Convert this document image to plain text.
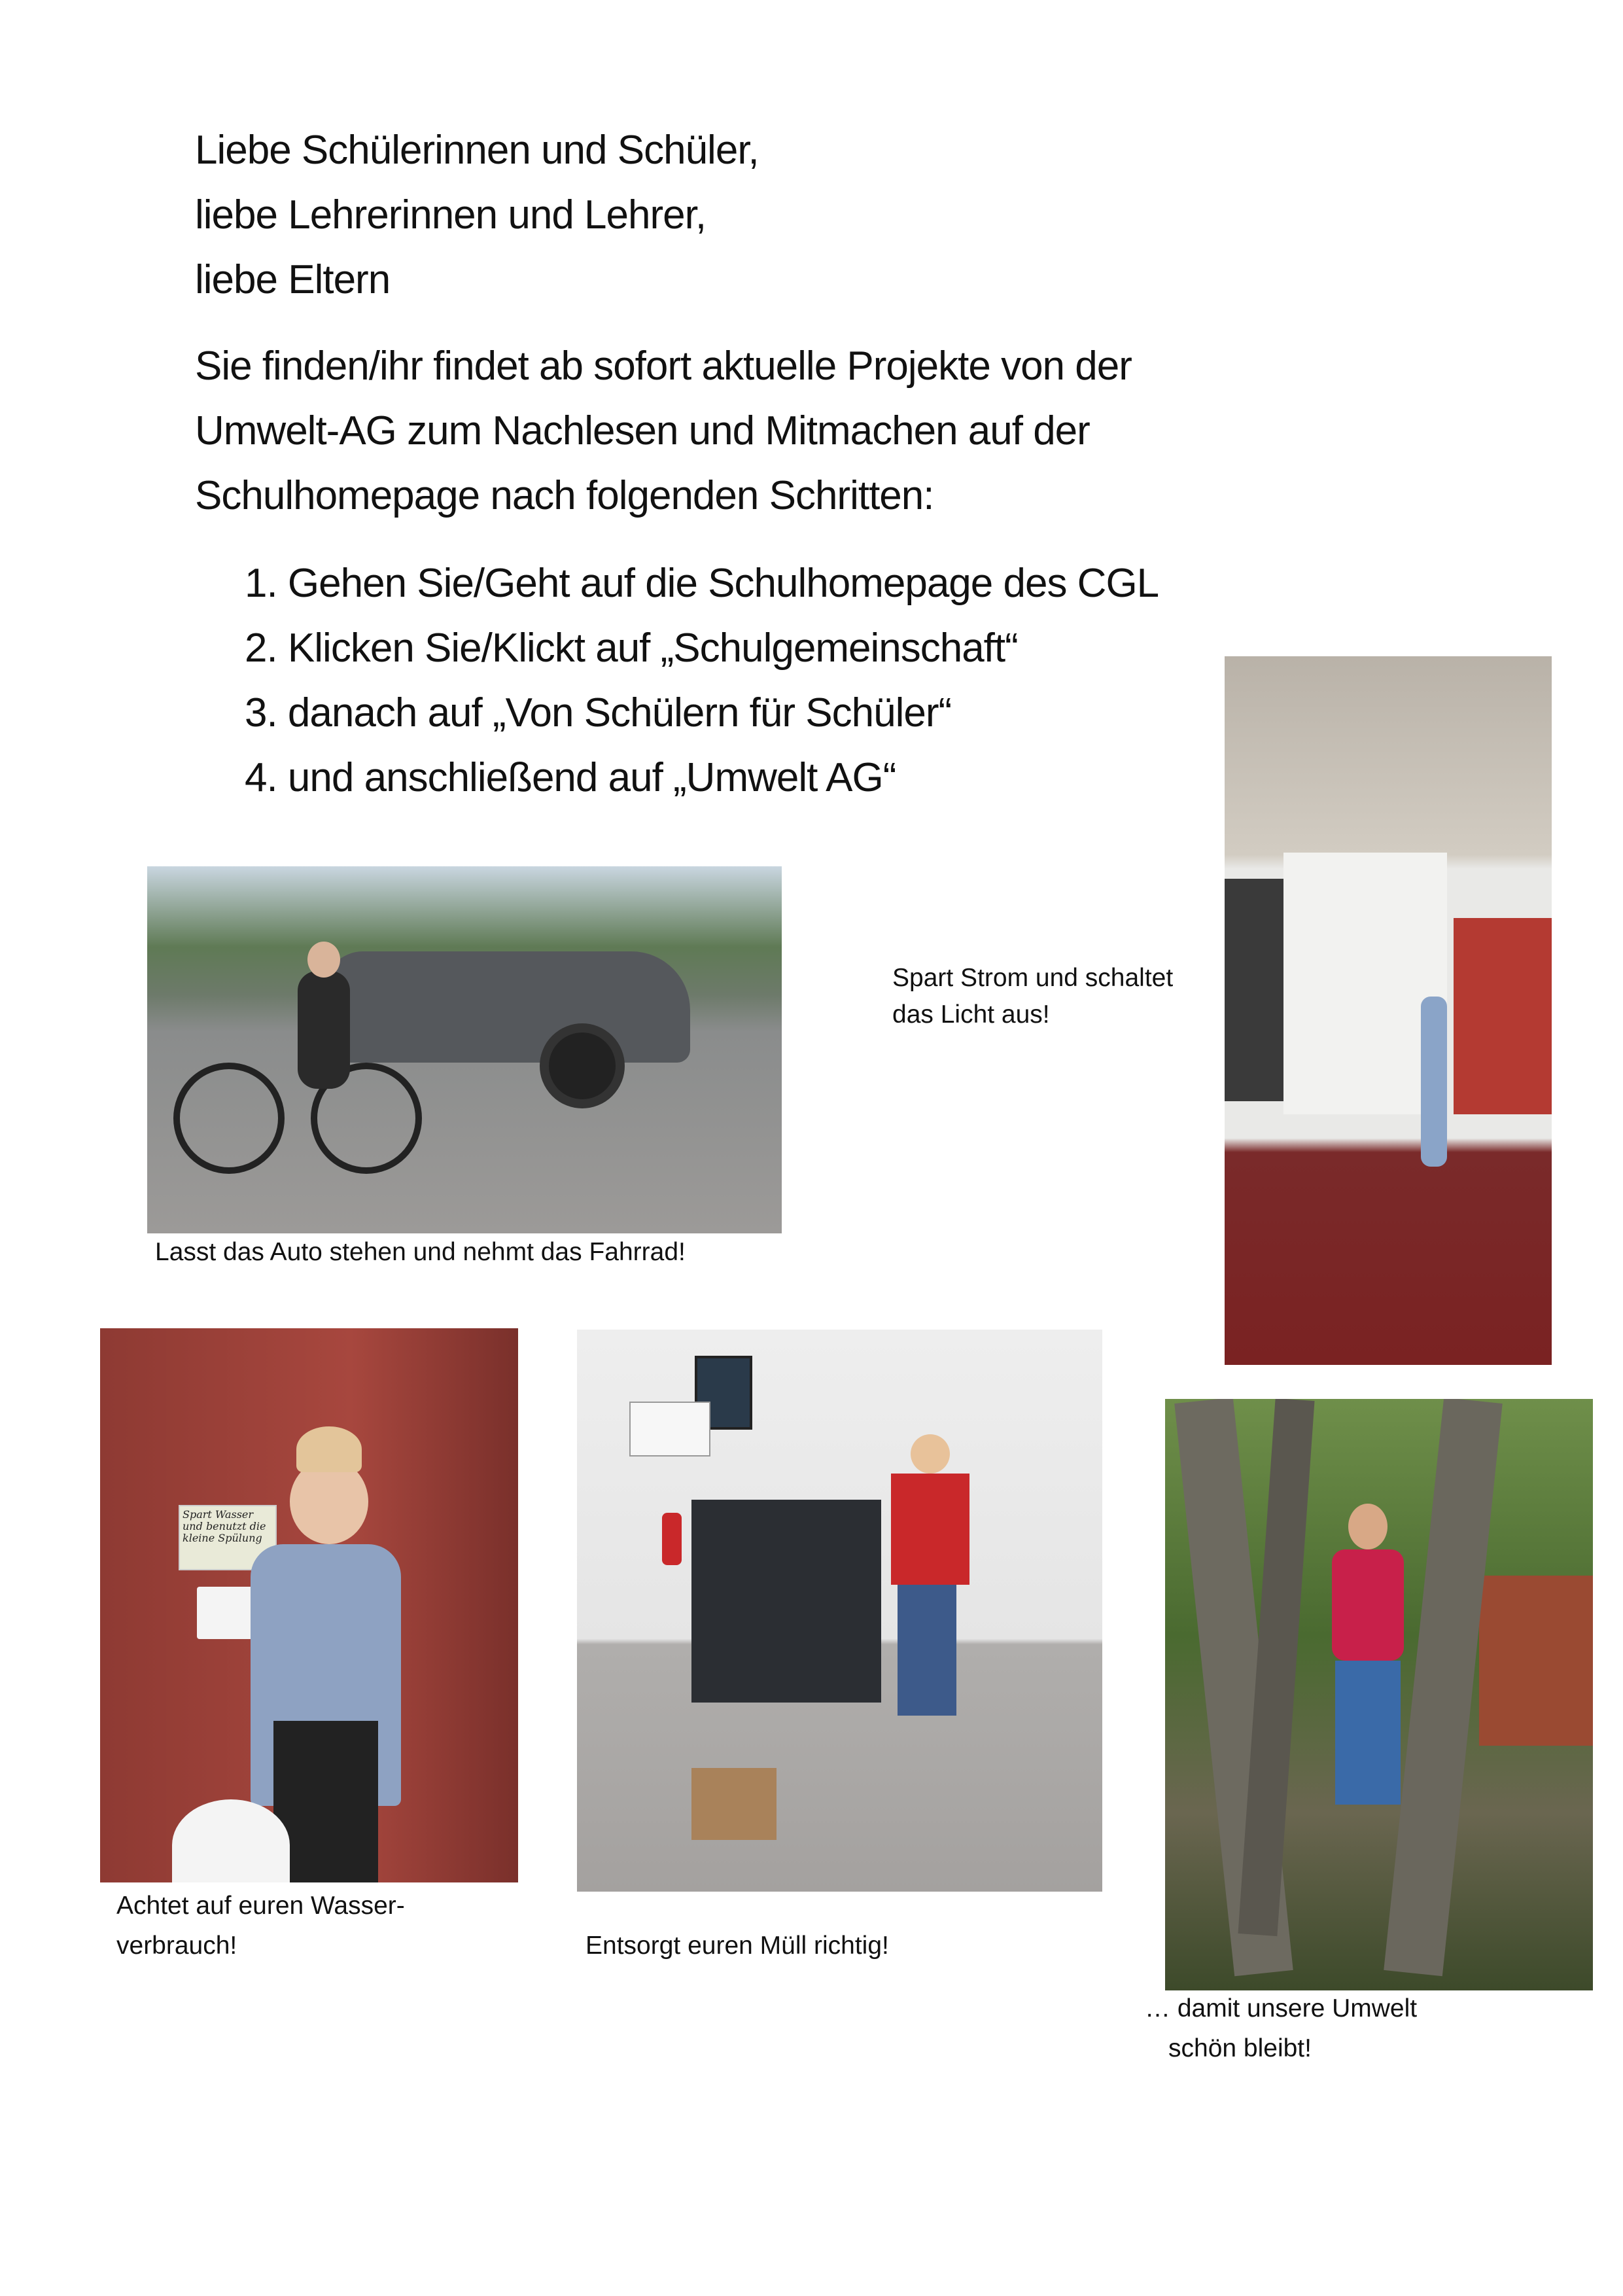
Liebe Schülerinnen und Schüler,
liebe Lehrerinnen und Lehrer,
liebe Eltern
Sie finden/ihr findet ab sofort aktuelle Projekte von der
Umwelt-AG zum Nachlesen und Mitmachen auf der
Schulhomepage nach folgenden Schritten:
1. Gehen Sie/Geht auf die Schulhomepage des CGL
2. Klicken Sie/Klickt auf „Schulgemeinschaft“
3. danach auf „Von Schülern für Schüler“
4. und anschließend auf „Umwelt AG“
Lasst das Auto stehen und nehmt das Fahrrad!
Spart Strom und schaltet
das Licht aus!
Spart Wasser und benutzt die kleine Spülung
Achtet auf euren Wasser-
verbrauch!	Entsorgt euren Müll richtig!
… damit unsere Umwelt
schön bleibt!
